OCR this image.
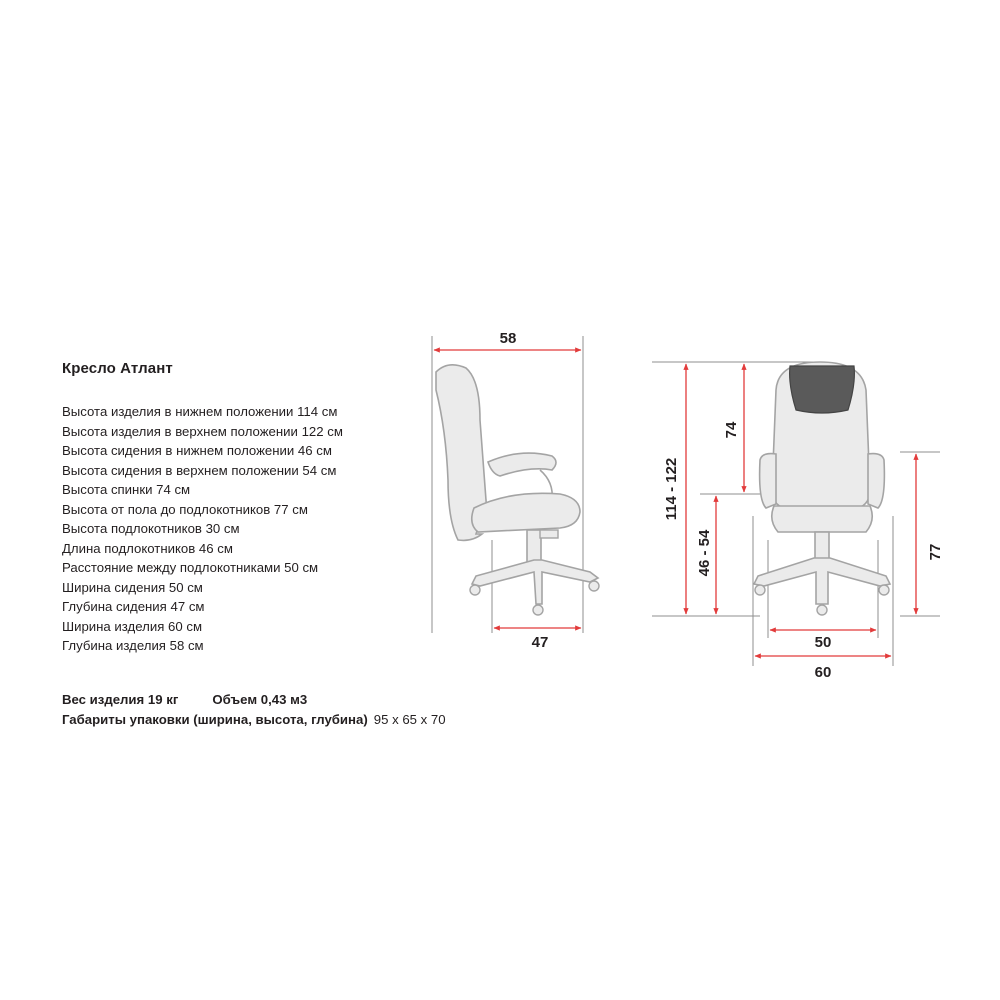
Кресло Атлант
Высота изделия в нижнем положении 114 см
Высота изделия в верхнем положении 122 см
Высота сидения в нижнем положении 46 см
Высота сидения в верхнем положении 54 см
Высота спинки 74 см
Высота от пола до подлокотников 77 см
Высота подлокотников 30 см
Длина подлокотников 46 см
Расстояние между подлокотниками 50 см
Ширина сидения 50 см
Глубина сидения 47 см
Ширина изделия 60 см
Глубина изделия 58 см
Вес изделия 19 кг	Объем 0,43 м3
Габариты упаковки (ширина, высота, глубина) 95 х 65 х 70
58
47
114 - 122
74
46 - 54	77
50
60
